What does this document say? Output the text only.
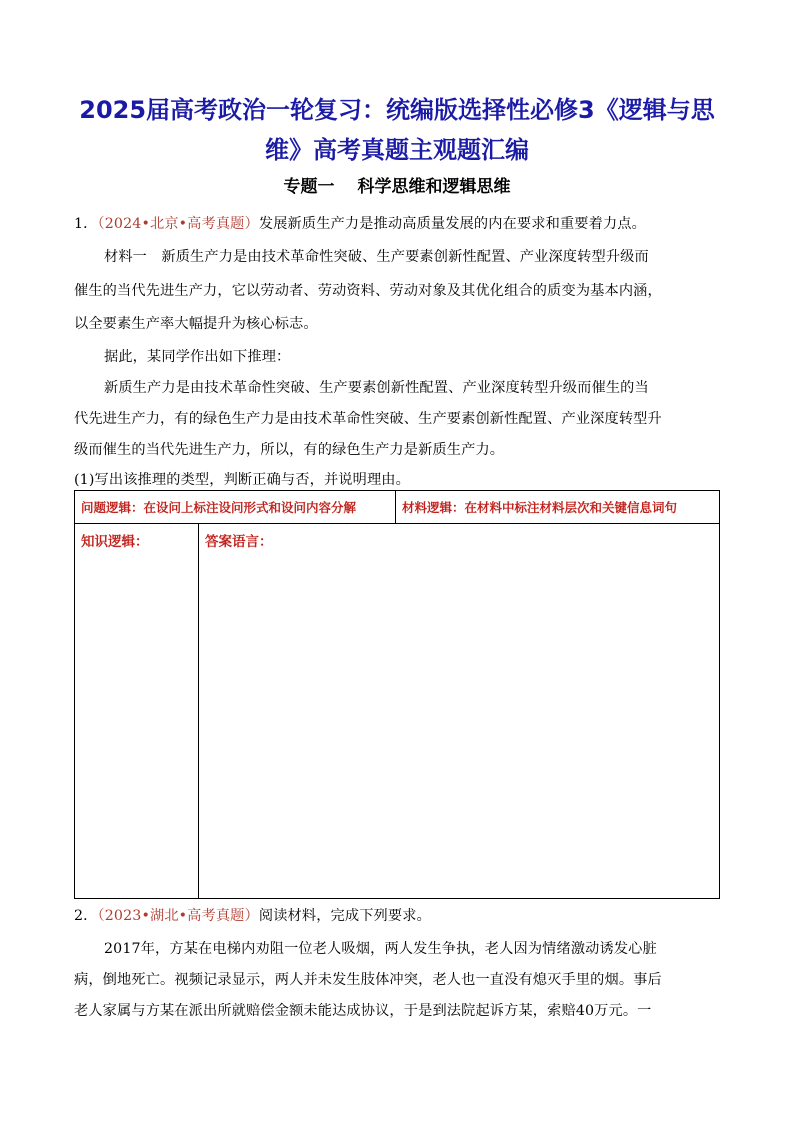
2025届高考政治一轮复习：统编版选择性必修3《逻辑与思
维》高考真题主观题汇编
专题一　 科学思维和逻辑思维
1．（2024•北京•高考真题）发展新质生产力是推动高质量发展的内在要求和重要着力点。
材料一　新质生产力是由技术革命性突破、生产要素创新性配置、产业深度转型升级而
催生的当代先进生产力，它以劳动者、劳动资料、劳动对象及其优化组合的质变为基本内涵，
以全要素生产率大幅提升为核心标志。
据此，某同学作出如下推理：
新质生产力是由技术革命性突破、生产要素创新性配置、产业深度转型升级而催生的当
代先进生产力，有的绿色生产力是由技术革命性突破、生产要素创新性配置、产业深度转型升
级而催生的当代先进生产力，所以，有的绿色生产力是新质生产力。
(1)写出该推理的类型，判断正确与否，并说明理由。
问题逻辑：在设问上标注设问形式和设问内容分解		材料逻辑：在材料中标注材料层次和关键信息词句
知识逻辑：	答案语言：	
2．（2023•湖北•高考真题）阅读材料，完成下列要求。
2017年，方某在电梯内劝阻一位老人吸烟，两人发生争执，老人因为情绪激动诱发心脏
病，倒地死亡。视频记录显示，两人并未发生肢体冲突，老人也一直没有熄灭手里的烟。事后
老人家属与方某在派出所就赔偿金额未能达成协议，于是到法院起诉方某，索赔40万元。一
